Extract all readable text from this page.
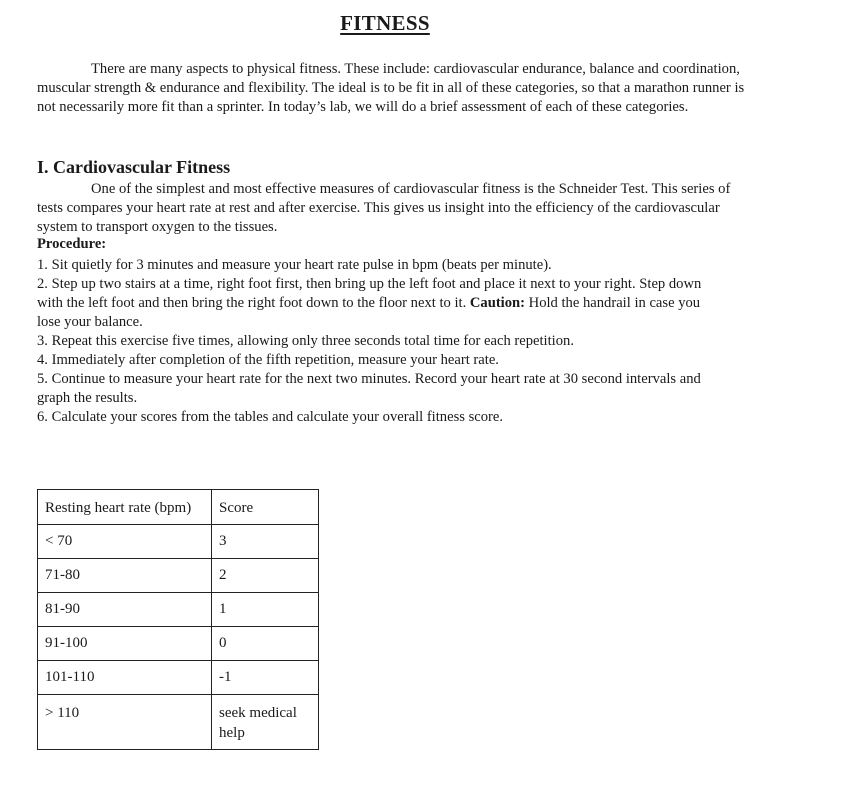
FITNESS

There are many aspects to physical fitness. These include: cardiovascular endurance, balance and coordination, muscular strength & endurance and flexibility. The ideal is to be fit in all of these categories, so that a marathon runner is not necessarily more fit than a sprinter. In today’s lab, we will do a brief assessment of each of these categories.

I. Cardiovascular Fitness

One of the simplest and most effective measures of cardiovascular fitness is the Schneider Test. This series of tests compares your heart rate at rest and after exercise. This gives us insight into the efficiency of the cardiovascular system to transport oxygen to the tissues.

Procedure:

1. Sit quietly for 3 minutes and measure your heart rate pulse in bpm (beats per minute).

2. Step up two stairs at a time, right foot first, then bring up the left foot and place it next to your right. Step down with the left foot and then bring the right foot down to the floor next to it. Caution: Hold the handrail in case you lose your balance.

3. Repeat this exercise five times, allowing only three seconds total time for each repetition.

4. Immediately after completion of the fifth repetition, measure your heart rate.

5. Continue to measure your heart rate for the next two minutes. Record your heart rate at 30 second intervals and graph the results.

6. Calculate your scores from the tables and calculate your overall fitness score.

Resting heart rate (bpm)	Score
< 70	3
71-80	2
81-90	1
91-100	0
101-110	-1
> 110	seek medical help
